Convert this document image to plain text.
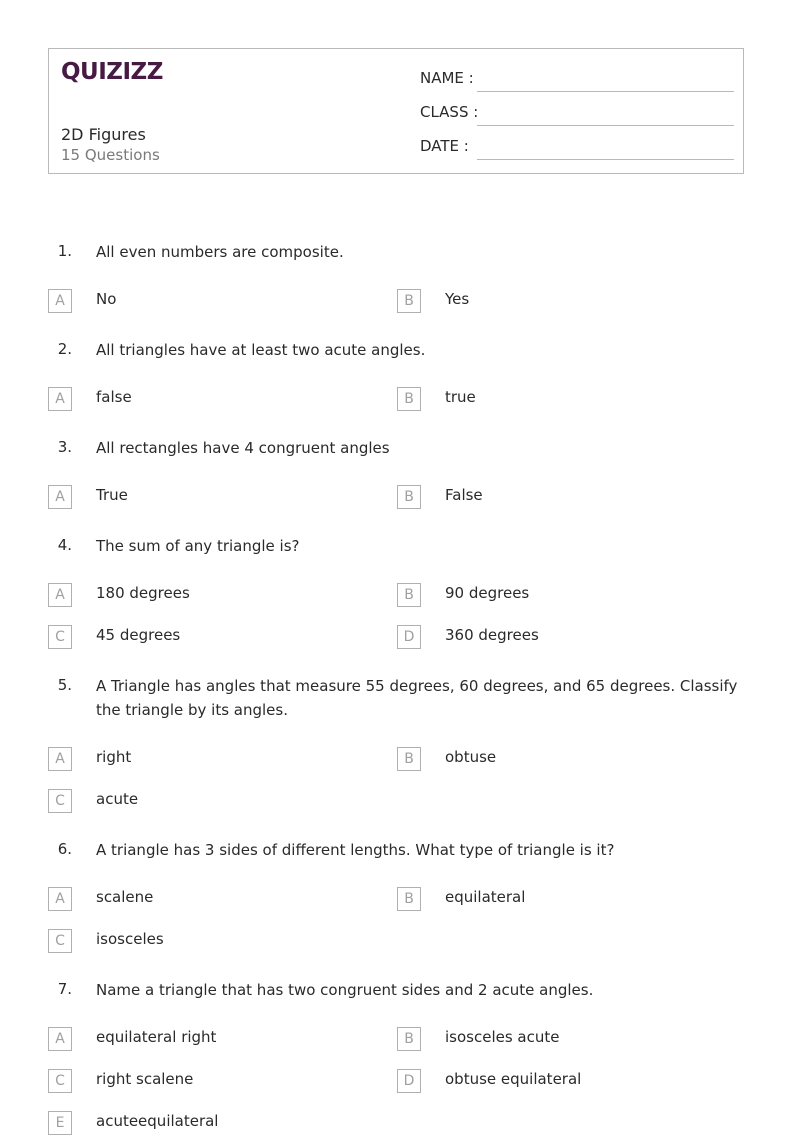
QUIZIZZ
2D Figures
15 Questions
NAME :
CLASS :
DATE :
1. All even numbers are composite.
A	No	B	Yes
2. All triangles have at least two acute angles.
A	false	B	true
3. All rectangles have 4 congruent angles
A	True	B	False
4. The sum of any triangle is?
A	180 degrees	B	90 degrees
C	45 degrees	D	360 degrees
5. A Triangle has angles that measure 55 degrees, 60 degrees, and 65 degrees. Classify the triangle by its angles.
A	right	B	obtuse
C	acute
6. A triangle has 3 sides of different lengths. What type of triangle is it?
A	scalene	B	equilateral
C	isosceles
7. Name a triangle that has two congruent sides and 2 acute angles.
A	equilateral right	B	isosceles acute
C	right scalene	D	obtuse equilateral
E	acuteequilateral
